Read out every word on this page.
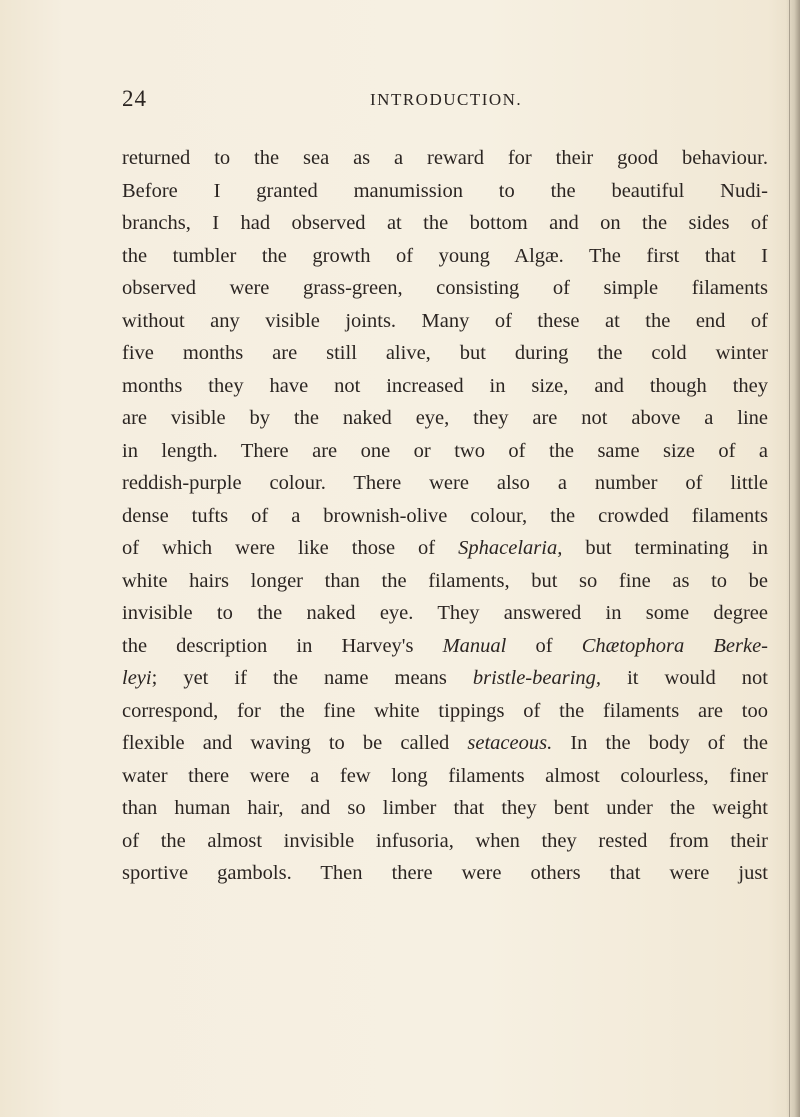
24	INTRODUCTION.
returned to the sea as a reward for their good behaviour.
Before I granted manumission to the beautiful Nudi-
branchs, I had observed at the bottom and on the sides of
the tumbler the growth of young Algæ. The first that I
observed were grass-green, consisting of simple filaments
without any visible joints. Many of these at the end of
five months are still alive, but during the cold winter
months they have not increased in size, and though they
are visible by the naked eye, they are not above a line
in length. There are one or two of the same size of a
reddish-purple colour. There were also a number of little
dense tufts of a brownish-olive colour, the crowded filaments
of which were like those of Sphacelaria, but terminating in
white hairs longer than the filaments, but so fine as to be
invisible to the naked eye. They answered in some degree
the description in Harvey's Manual of Chætophora Berke-
leyi; yet if the name means bristle-bearing, it would not
correspond, for the fine white tippings of the filaments are too
flexible and waving to be called setaceous. In the body of the
water there were a few long filaments almost colourless, finer
than human hair, and so limber that they bent under the weight
of the almost invisible infusoria, when they rested from their
sportive gambols. Then there were others that were just
